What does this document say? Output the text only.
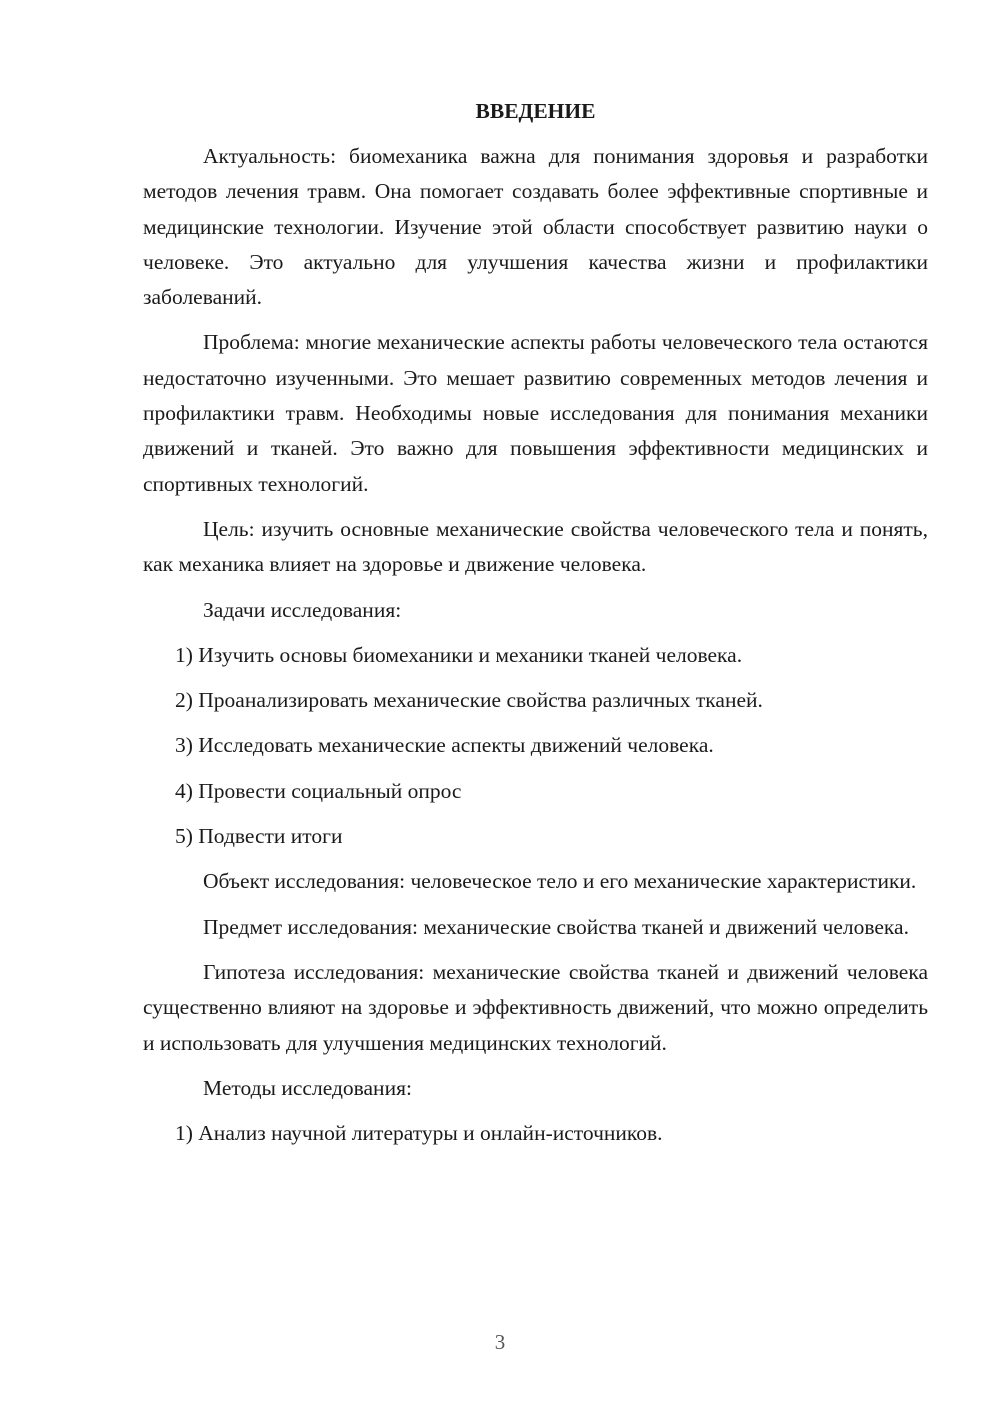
ВВЕДЕНИЕ
Актуальность: биомеханика важна для понимания здоровья и разработки методов лечения травм. Она помогает создавать более эффективные спортивные и медицинские технологии. Изучение этой области способствует развитию науки о человеке. Это актуально для улучшения качества жизни и профилактики заболеваний.
Проблема: многие механические аспекты работы человеческого тела остаются недостаточно изученными. Это мешает развитию современных методов лечения и профилактики травм. Необходимы новые исследования для понимания механики движений и тканей. Это важно для повышения эффективности медицинских и спортивных технологий.
Цель: изучить основные механические свойства человеческого тела и понять, как механика влияет на здоровье и движение человека.
Задачи исследования:
1) Изучить основы биомеханики и механики тканей человека.
2) Проанализировать механические свойства различных тканей.
3) Исследовать механические аспекты движений человека.
4) Провести социальный опрос
5) Подвести итоги
Объект исследования: человеческое тело и его механические характеристики.
Предмет исследования: механические свойства тканей и движений человека.
Гипотеза исследования: механические свойства тканей и движений человека существенно влияют на здоровье и эффективность движений, что можно определить и использовать для улучшения медицинских технологий.
Методы исследования:
1) Анализ научной литературы и онлайн-источников.
3
